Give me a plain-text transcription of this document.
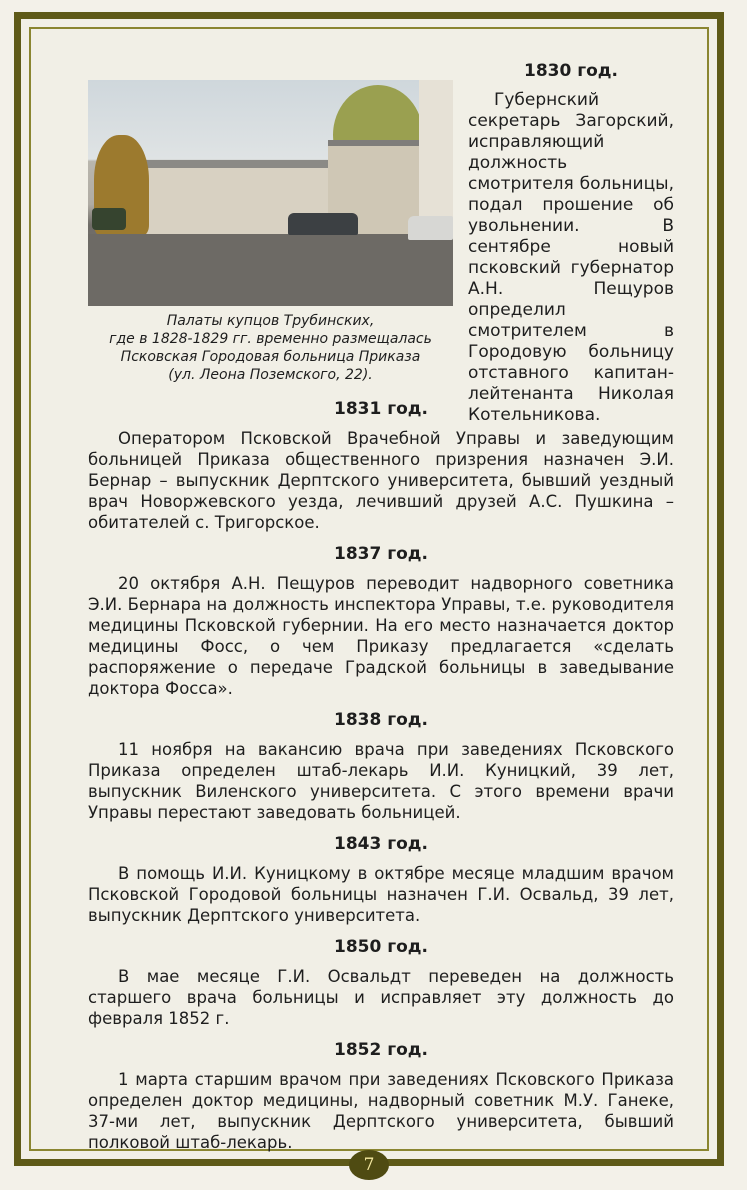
Палаты купцов Трубинских,
где в 1828-1829 гг. временно размещалась
Псковская Городовая больница Приказа
(ул. Леона Поземского, 22).
1830 год.

Губернский секретарь Загорский, исправляющий должность смотрителя больницы, подал прошение об увольнении. В сентябре новый псковский губернатор А.Н. Пещуров определил смотрителем в Городовую больницу отставного капитан-лейтенанта Николая Котельникова.

1831 год.

Оператором Псковской Врачебной Управы и заведующим больницей Приказа общественного призрения назначен Э.И. Бернар – выпускник Дерптского университета, бывший уездный врач Новоржевского уезда, лечивший друзей А.С. Пушкина – обитателей с. Тригорское.

1837 год.

20 октября А.Н. Пещуров переводит надворного советника Э.И. Бернара на должность инспектора Управы, т.е. руководителя медицины Псковской губернии. На его место назначается доктор медицины Фосс, о чем Приказу предлагается «сделать распоряжение о передаче Градской больницы в заведывание доктора Фосса».

1838 год.

11 ноября на вакансию врача при заведениях Псковского Приказа определен штаб-лекарь И.И. Куницкий, 39 лет, выпускник Виленского университета. С этого времени врачи Управы перестают заведовать больницей.

1843 год.

В помощь И.И. Куницкому в октябре месяце младшим врачом Псковской Городовой больницы назначен Г.И. Освальд, 39 лет, выпускник Дерптского университета.

1850 год.

В мае месяце Г.И. Освальдт переведен на должность старшего врача больницы и исправляет эту должность до февраля 1852 г.

1852 год.

1 марта старшим врачом при заведениях Псковского Приказа определен доктор медицины, надворный советник М.У. Ганеке, 37-ми лет, выпускник Дерптского университета, бывший полковой штаб-лекарь.

7
